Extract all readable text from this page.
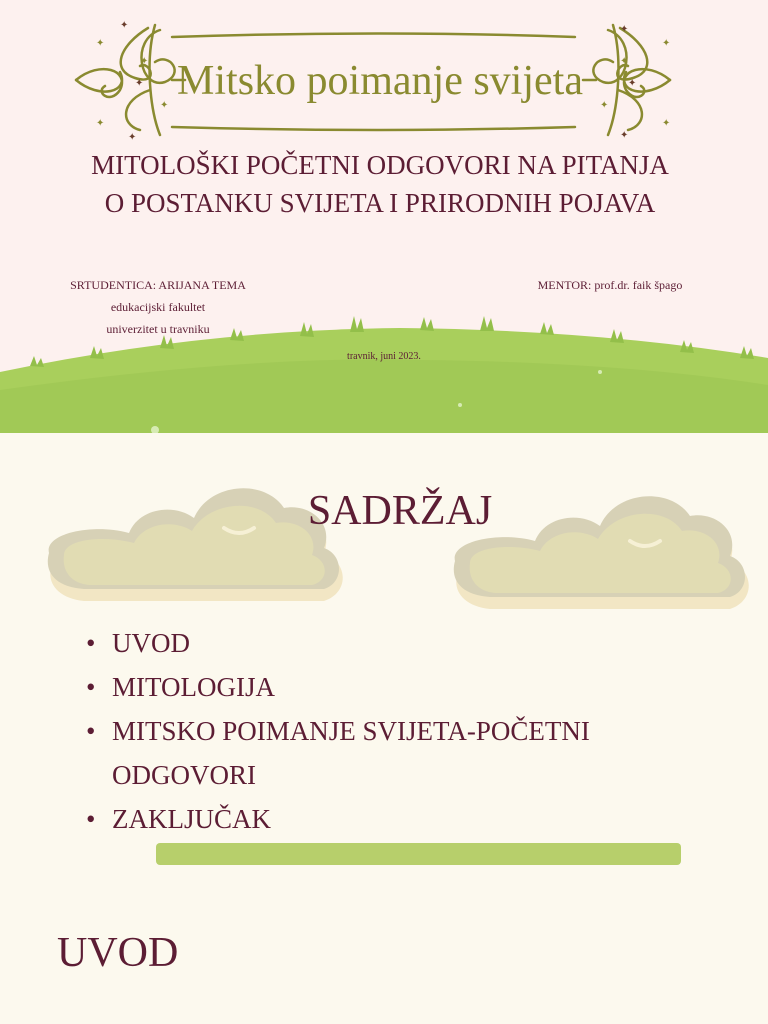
✦
✦
✦
✦
✦
✦
✦
✦
✦
✦
✦
✦
✦	✦
Mitsko poimanje svijeta
MITOLOŠKI POČETNI ODGOVORI NA PITANJA O POSTANKU SVIJETA I PRIRODNIH POJAVA
SRTUDENTICA: ARIJANA TEMA
edukacijski fakultet
univerzitet u travniku
MENTOR: prof.dr. faik špago
travnik, juni 2023.
SADRŽAJ
• UVOD
• MITOLOGIJA
• MITSKO POIMANJE SVIJETA-POČETNI ODGOVORI
• ZAKLJUČAK
UVOD
